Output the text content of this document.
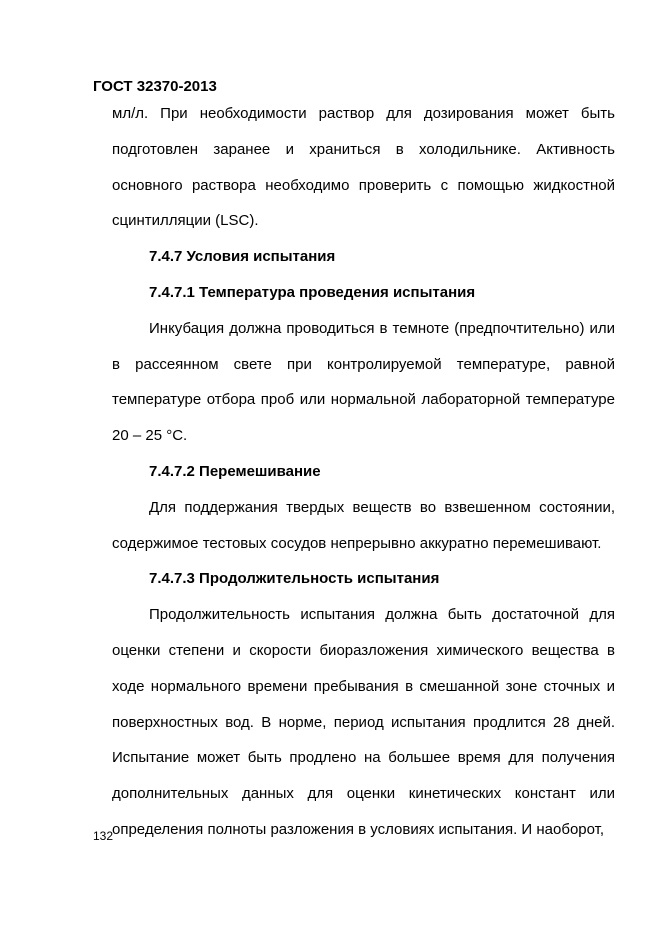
ГОСТ 32370-2013

мл/л. При необходимости раствор для дозирования может быть подготовлен заранее и храниться в холодильнике. Активность основного раствора необходимо проверить с помощью жидкостной сцинтилляции (LSC).

7.4.7 Условия испытания

7.4.7.1 Температура проведения испытания

Инкубация должна проводиться в темноте (предпочтительно) или в рассеянном свете при контролируемой температуре, равной температуре отбора проб или нормальной лабораторной температуре 20 – 25 °С.

7.4.7.2 Перемешивание

Для поддержания твердых веществ во взвешенном состоянии, содержимое тестовых сосудов непрерывно аккуратно перемешивают.

7.4.7.3 Продолжительность испытания

Продолжительность испытания должна быть достаточной для оценки степени и скорости биоразложения химического вещества в ходе нормального времени пребывания в смешанной зоне сточных и поверхностных вод. В норме, период испытания продлится 28 дней. Испытание может быть продлено на большее время для получения дополнительных данных для оценки кинетических констант или определения полноты разложения в условиях испытания. И наоборот,

132
